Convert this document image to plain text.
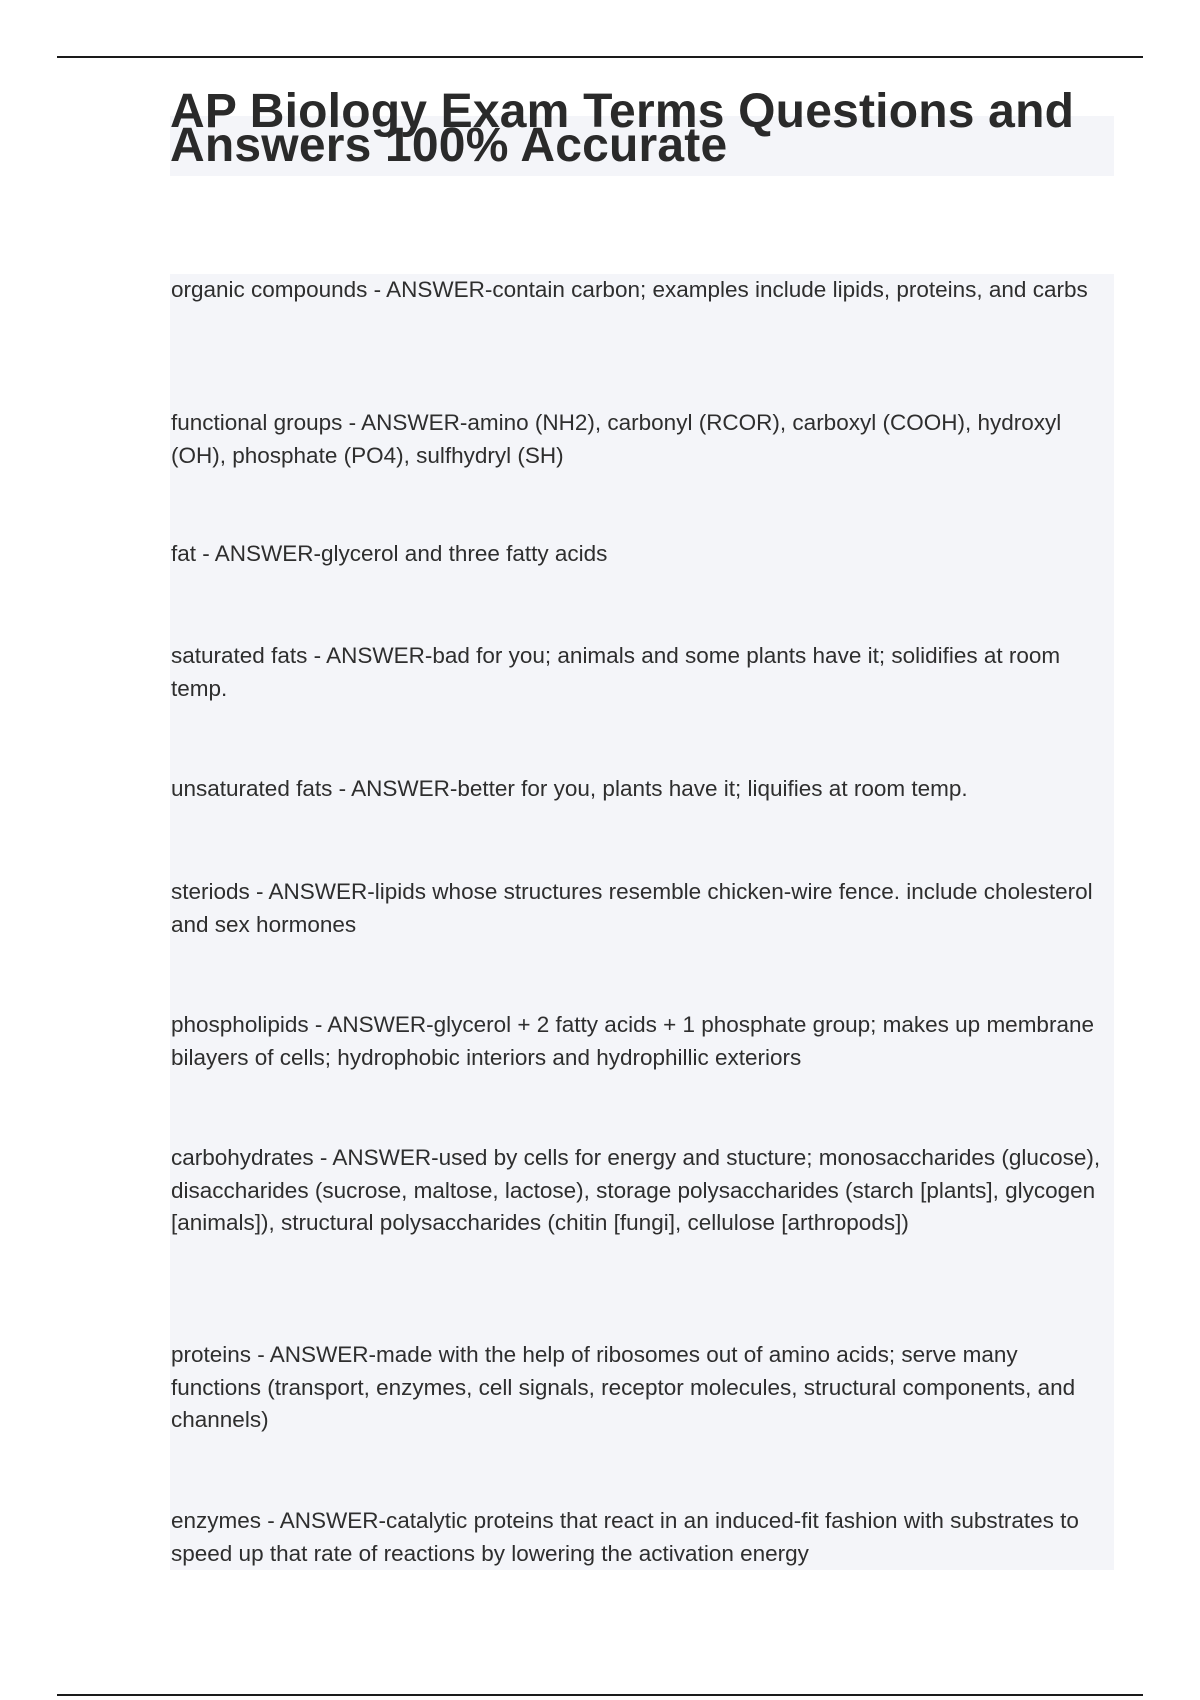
AP Biology Exam Terms Questions and Answers 100% Accurate

organic compounds - ANSWER-contain carbon; examples include lipids, proteins, and carbs

functional groups - ANSWER-amino (NH2), carbonyl (RCOR), carboxyl (COOH), hydroxyl (OH), phosphate (PO4), sulfhydryl (SH)

fat - ANSWER-glycerol and three fatty acids

saturated fats - ANSWER-bad for you; animals and some plants have it; solidifies at room temp.

unsaturated fats - ANSWER-better for you, plants have it; liquifies at room temp.

steriods - ANSWER-lipids whose structures resemble chicken-wire fence. include cholesterol and sex hormones

phospholipids - ANSWER-glycerol + 2 fatty acids + 1 phosphate group; makes up membrane bilayers of cells; hydrophobic interiors and hydrophillic exteriors

carbohydrates - ANSWER-used by cells for energy and stucture; monosaccharides (glucose), disaccharides (sucrose, maltose, lactose), storage polysaccharides (starch [plants], glycogen [animals]), structural polysaccharides (chitin [fungi], cellulose [arthropods])

proteins - ANSWER-made with the help of ribosomes out of amino acids; serve many functions (transport, enzymes, cell signals, receptor molecules, structural components, and channels)

enzymes - ANSWER-catalytic proteins that react in an induced-fit fashion with substrates to speed up that rate of reactions by lowering the activation energy
